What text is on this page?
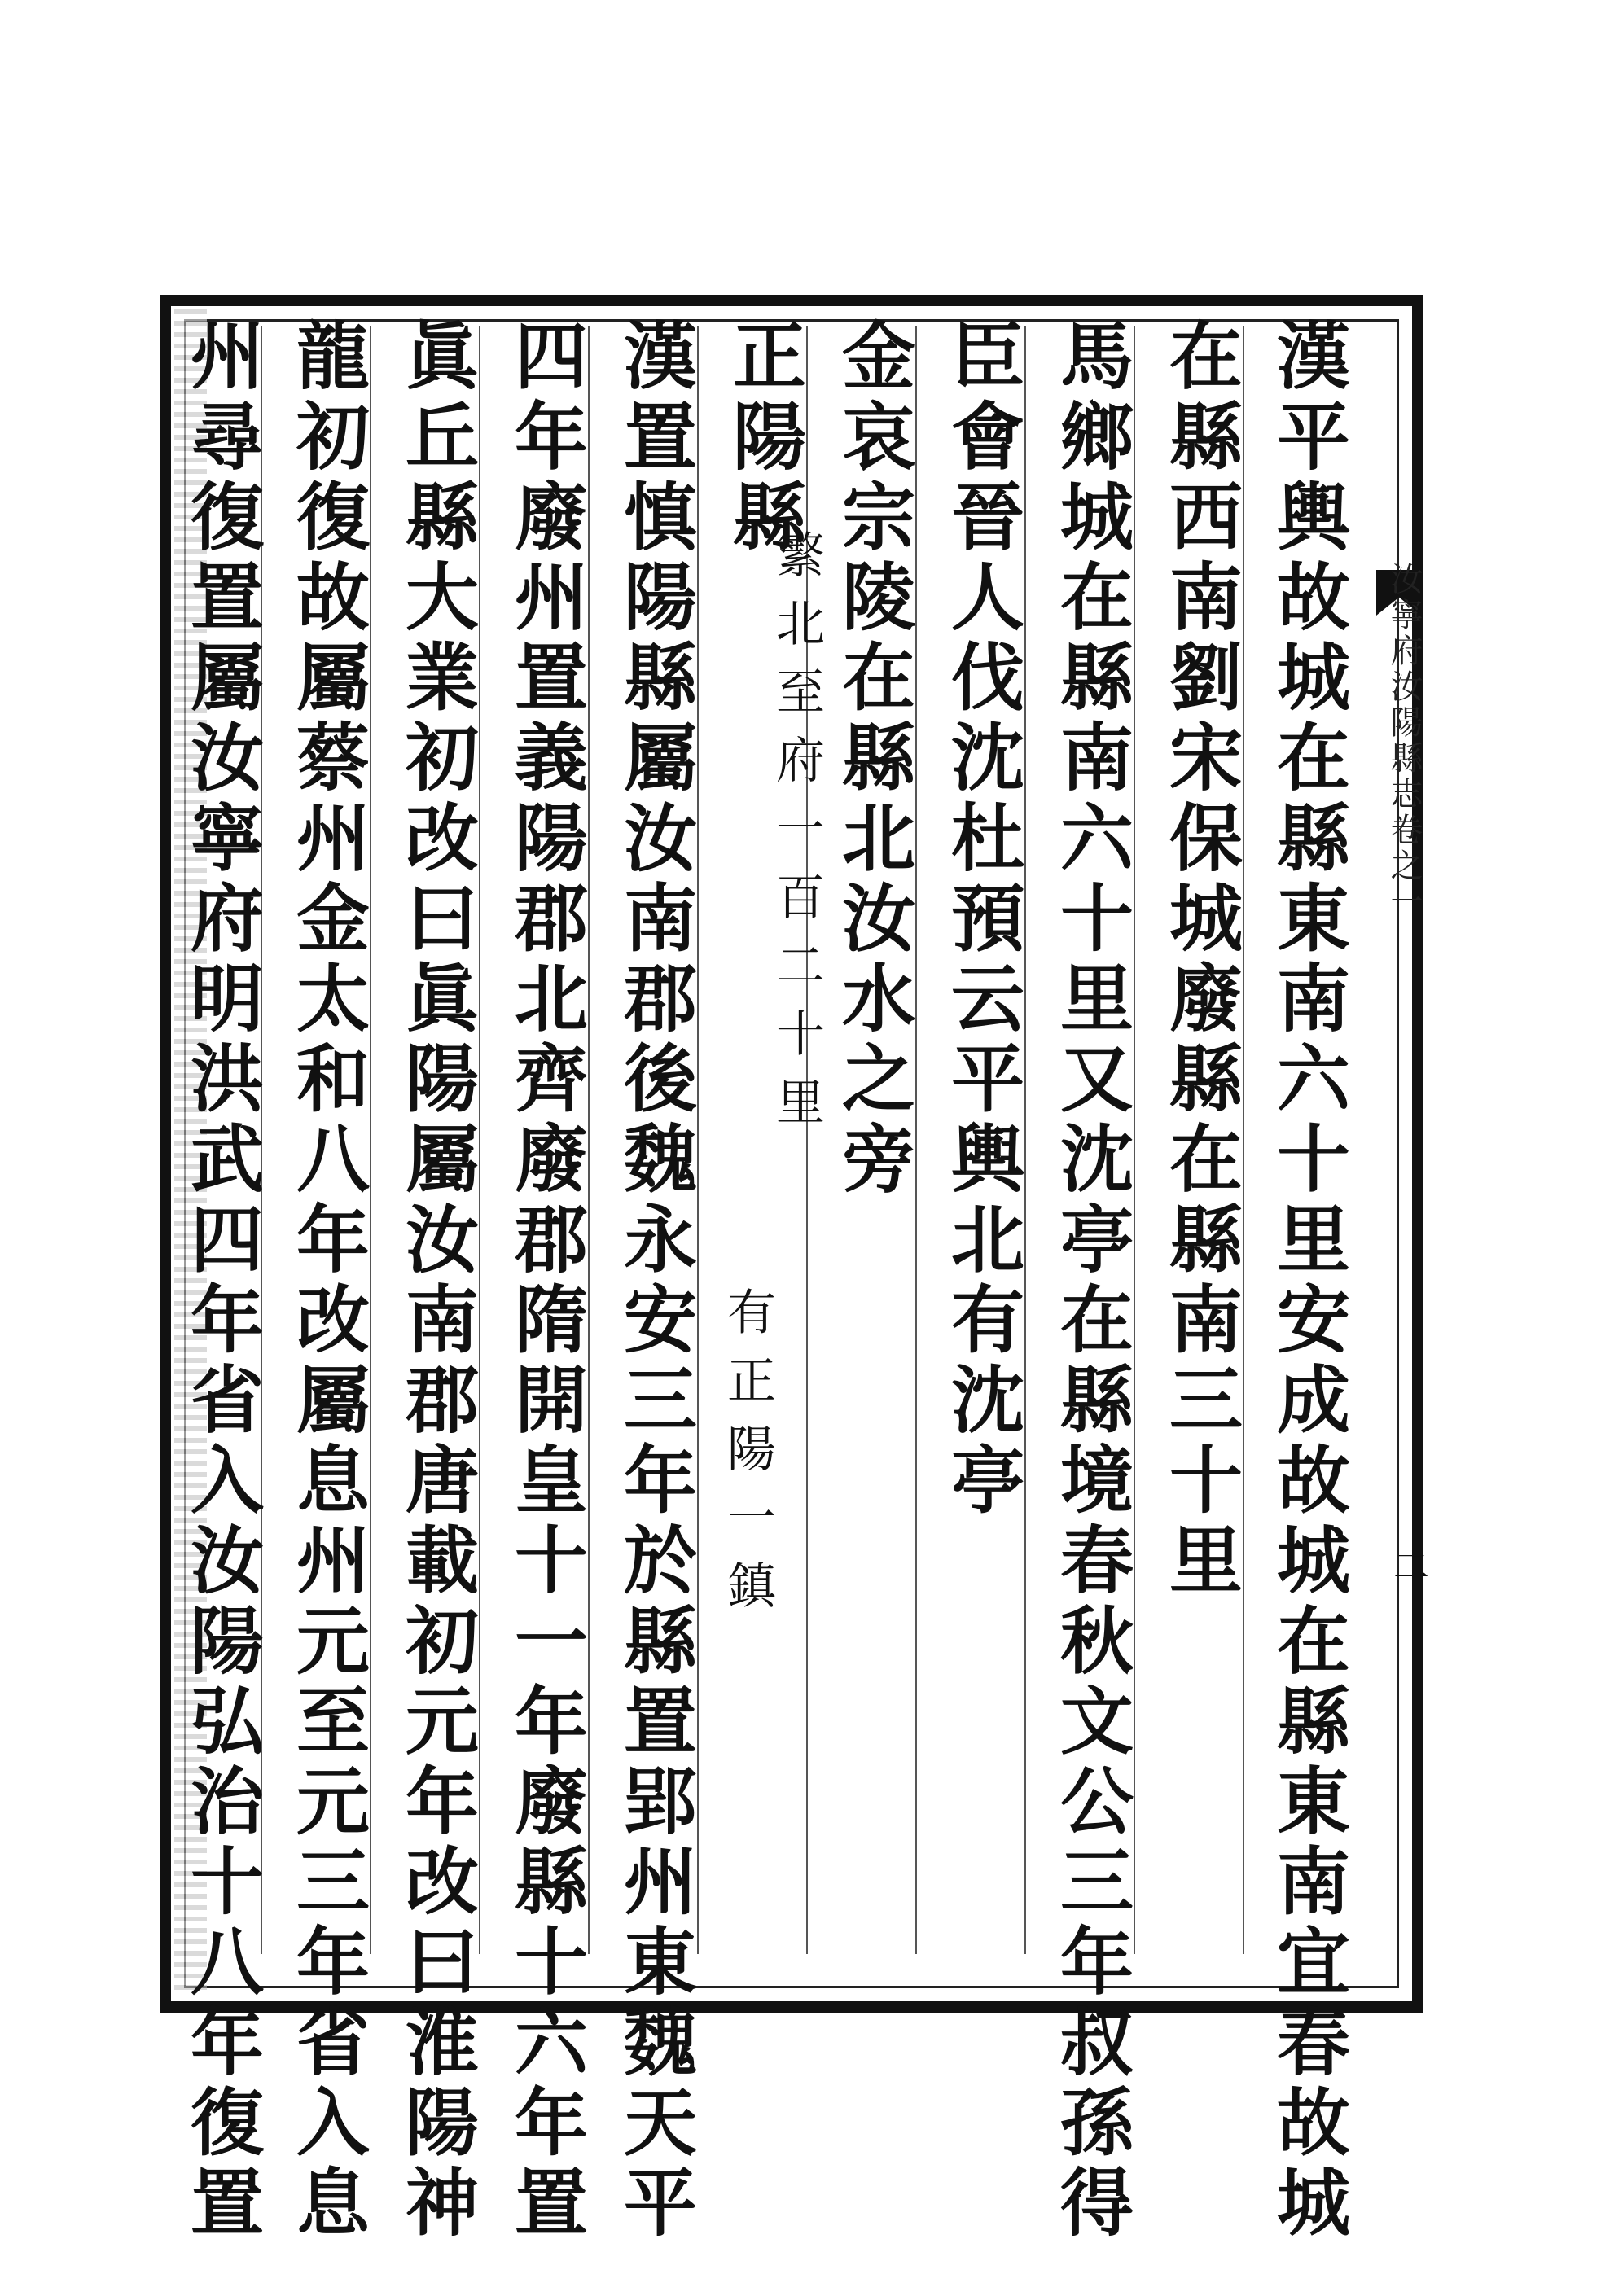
汝寧府汝陽縣志卷之一
二
漢平輿故城在縣東南六十里安成故城在縣東南宜春故城
在縣西南劉宋保城廢縣在縣南三十里
馬鄉城在縣南六十里又沈亭在縣境春秋文公三年叔孫得
臣會晉人伐沈杜預云平輿北有沈亭
金哀宗陵在縣北汝水之旁
正陽縣
繁北至府一百二十里
有正陽一鎮
漢置慎陽縣屬汝南郡後魏永安三年於縣置郢州東魏天平
四年廢州置義陽郡北齊廢郡隋開皇十一年廢縣十六年置
眞丘縣大業初改曰眞陽屬汝南郡唐載初元年改曰淮陽神
龍初復故屬蔡州金太和八年改屬息州元至元三年省入息
州尋復置屬汝寧府明洪武四年省入汝陽弘治十八年復置
